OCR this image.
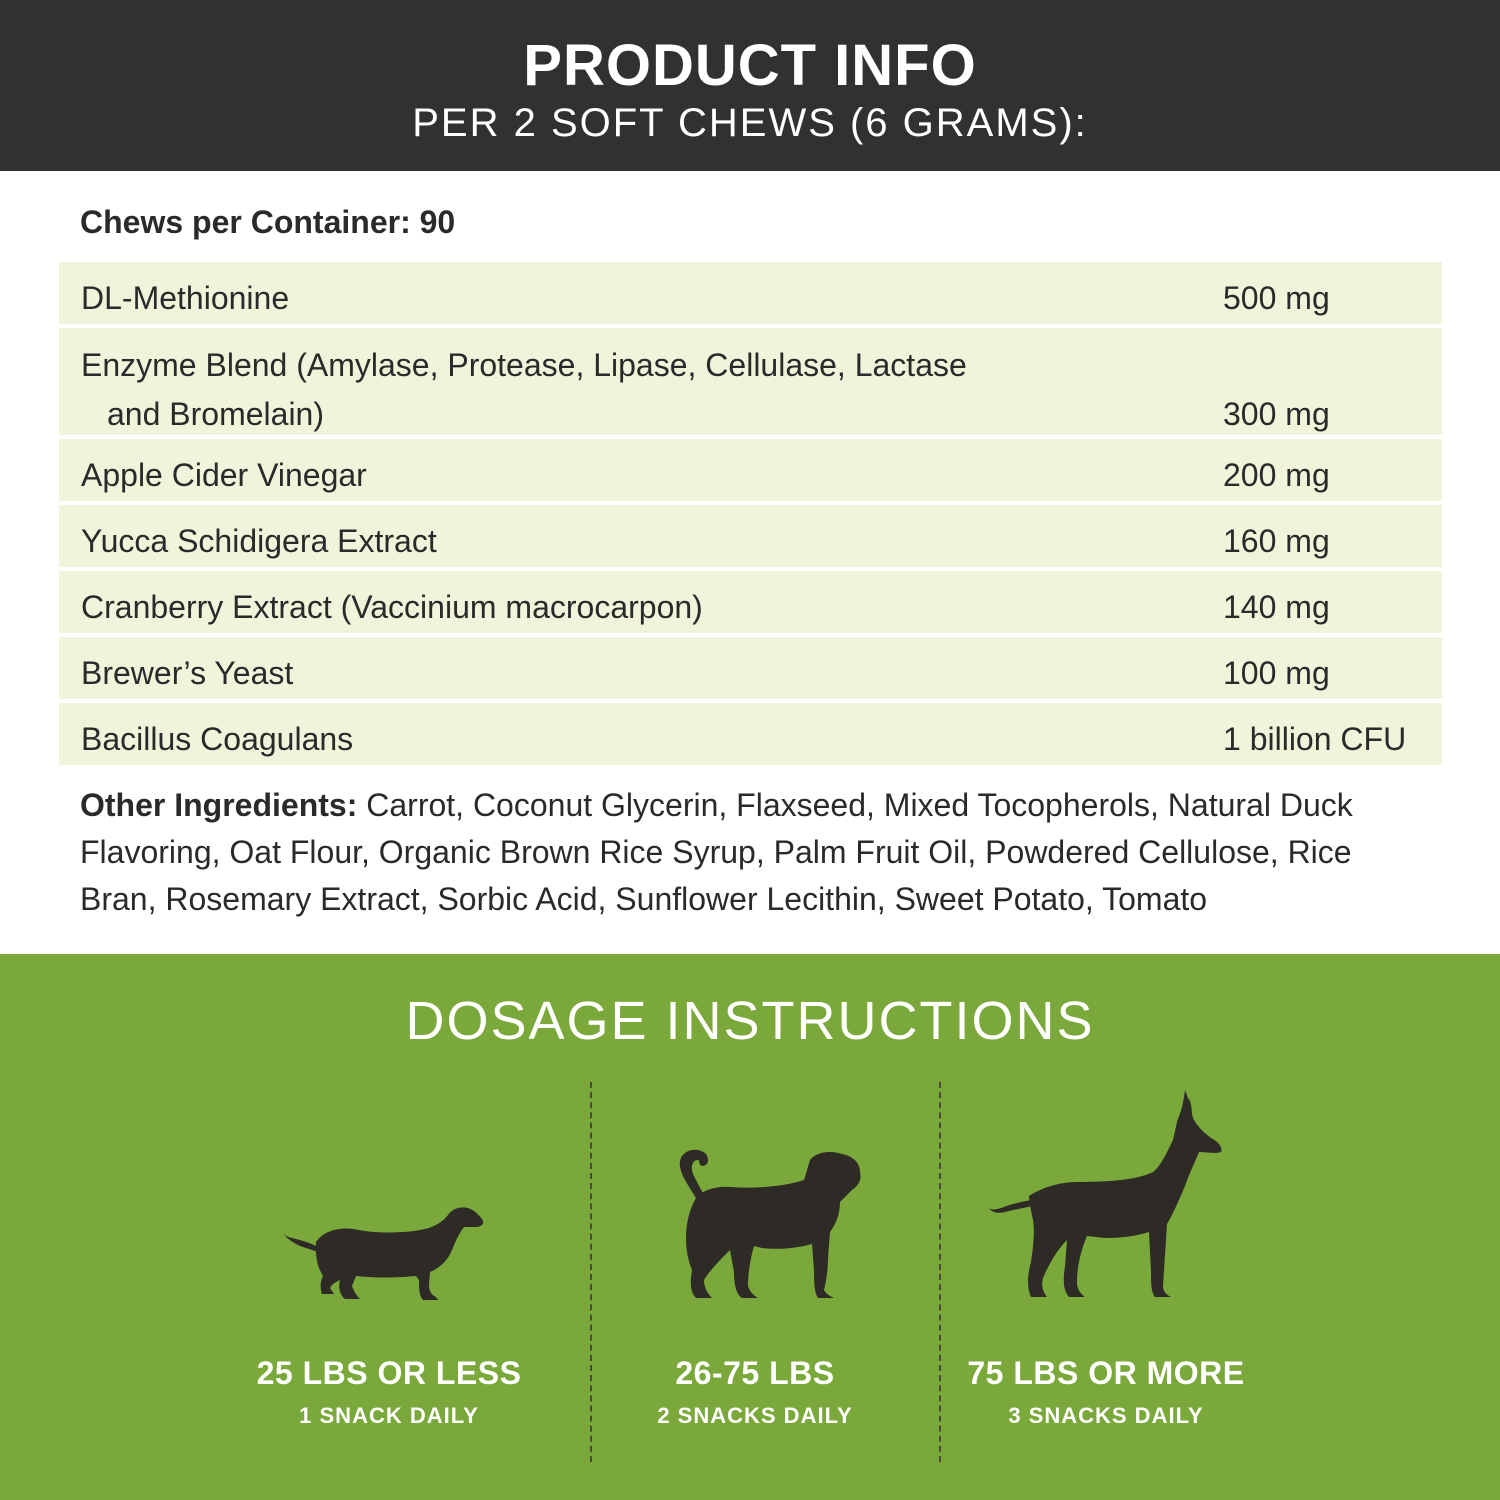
PRODUCT INFO
PER 2 SOFT CHEWS (6 GRAMS):
Chews per Container: 90
DL-Methionine	500 mg
Enzyme Blend (Amylase, Protease, Lipase, Cellulase, Lactase
and Bromelain)	300 mg
Apple Cider Vinegar	200 mg
Yucca Schidigera Extract	160 mg
Cranberry Extract (Vaccinium macrocarpon)	140 mg
Brewer’s Yeast	100 mg
Bacillus Coagulans	1 billion CFU
Other Ingredients: Carrot, Coconut Glycerin, Flaxseed, Mixed Tocopherols, Natural Duck Flavoring, Oat Flour, Organic Brown Rice Syrup, Palm Fruit Oil, Powdered Cellulose, Rice Bran, Rosemary Extract, Sorbic Acid, Sunflower Lecithin, Sweet Potato, Tomato
DOSAGE INSTRUCTIONS
25 LBS OR LESS
1 SNACK DAILY
26-75 LBS
2 SNACKS DAILY
75 LBS OR MORE
3 SNACKS DAILY
